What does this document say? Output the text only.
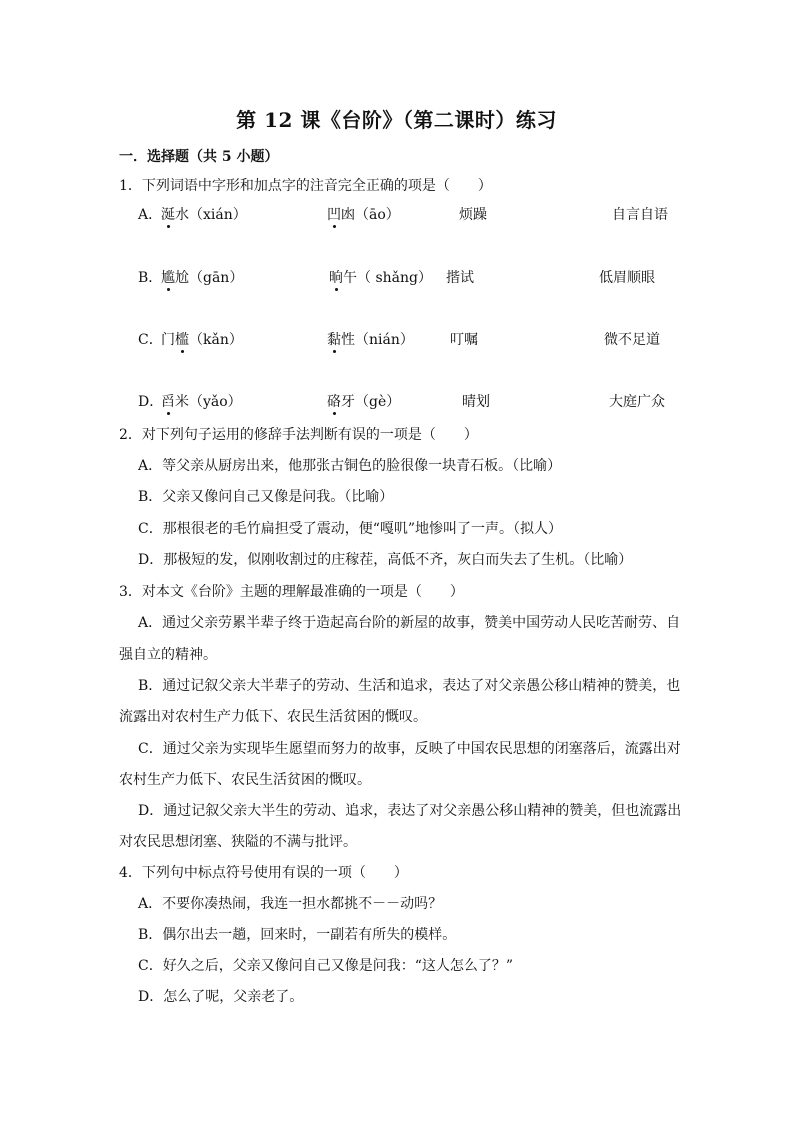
第 12 课《台阶》（第二课时）练习
一．选择题（共 5 小题）
1．下列词语中字形和加点字的注音完全正确的项是（　　）
A．
涎水（xián）	凹凼（āo）	烦躁	自言自语
B．
尴尬（gān）	晌午（ shǎng） 揩试	低眉顺眼
C．
门槛（kǎn）	黏性（nián）	叮嘱	微不足道
D．
舀米（yǎo）	硌牙（gè）	晴划	大庭广众
2．对下列句子运用的修辞手法判断有误的一项是（　　）
A．等父亲从厨房出来，他那张古铜色的脸很像一块青石板。（比喻）
B．父亲又像问自己又像是问我。（比喻）
C．那根很老的毛竹扁担受了震动，便“嘎叽”地惨叫了一声。（拟人）
D．那极短的发，似刚收割过的庄稼茬，高低不齐，灰白而失去了生机。（比喻）
3．对本文《台阶》主题的理解最准确的一项是（　　）
A．通过父亲劳累半辈子终于造起高台阶的新屋的故事，赞美中国劳动人民吃苦耐劳、自
强自立的精神。
B．通过记叙父亲大半辈子的劳动、生活和追求，表达了对父亲愚公移山精神的赞美，也
流露出对农村生产力低下、农民生活贫困的慨叹。
C．通过父亲为实现毕生愿望而努力的故事，反映了中国农民思想的闭塞落后，流露出对
农村生产力低下、农民生活贫困的慨叹。
D．通过记叙父亲大半生的劳动、追求，表达了对父亲愚公移山精神的赞美，但也流露出
对农民思想闭塞、狭隘的不满与批评。
4．下列句中标点符号使用有误的一项（　　）
A．不要你凑热闹，我连一担水都挑不－－动吗？
B．偶尔出去一趟，回来时，一副若有所失的模样。
C．好久之后，父亲又像问自己又像是问我：“这人怎么了？”
D．怎么了呢，父亲老了。
